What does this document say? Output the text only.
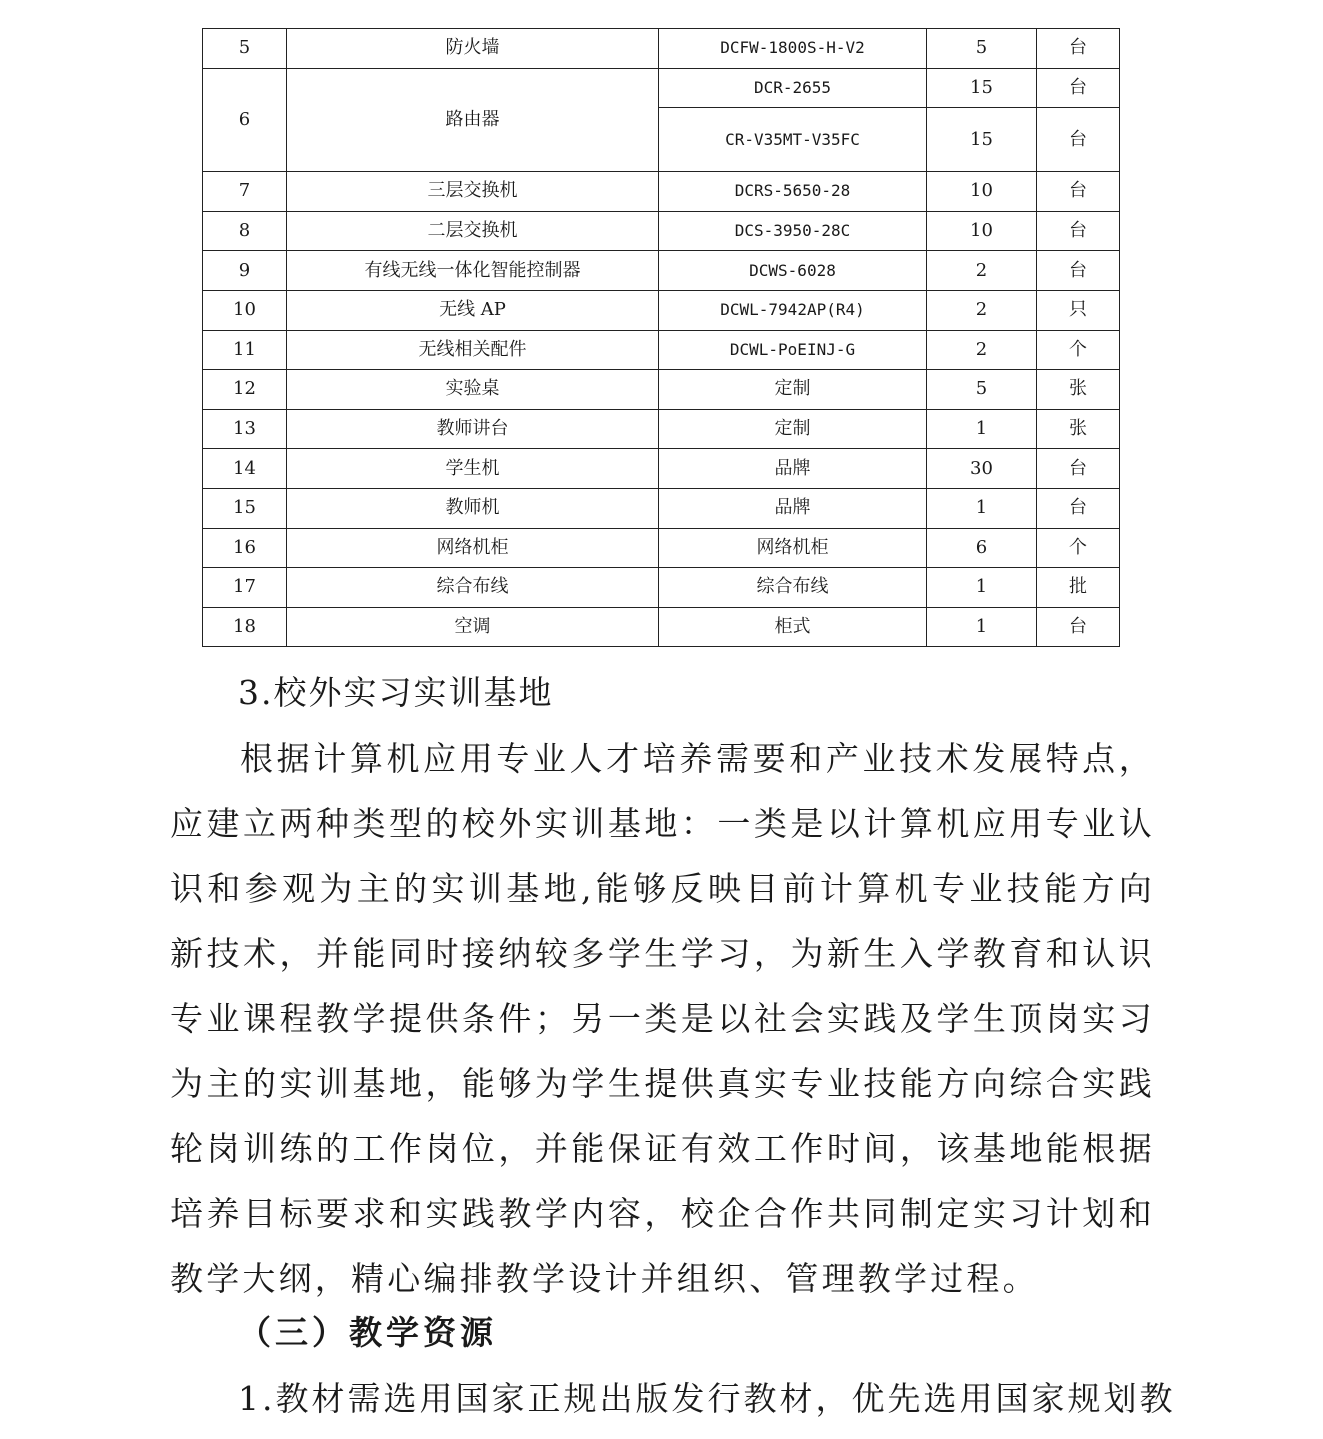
5	防火墙	DCFW-1800S-H-V2	5	台
6	路由器	DCR-2655	15	台
		CR-V35MT-V35FC	15	台
7	三层交换机	DCRS-5650-28	10	台
8	二层交换机	DCS-3950-28C	10	台
9	有线无线一体化智能控制器	DCWS-6028	2	台
10	无线 AP	DCWL-7942AP(R4)	2	只
11	无线相关配件	DCWL-PoEINJ-G	2	个
12	实验桌	定制	5	张
13	教师讲台	定制	1	张
14	学生机	品牌	30	台
15	教师机	品牌	1	台
16	网络机柜	网络机柜	6	个
17	综合布线	综合布线	1	批
18	空调	柜式	1	台
3.校外实习实训基地
根据计算机应用专业人才培养需要和产业技术发展特点，应建立两种类型的校外实训基地：一类是以计算机应用专业认识和参观为主的实训基地,能够反映目前计算机专业技能方向新技术，并能同时接纳较多学生学习，为新生入学教育和认识专业课程教学提供条件；另一类是以社会实践及学生顶岗实习为主的实训基地，能够为学生提供真实专业技能方向综合实践轮岗训练的工作岗位，并能保证有效工作时间，该基地能根据培养目标要求和实践教学内容，校企合作共同制定实习计划和教学大纲，精心编排教学设计并组织、管理教学过程。
（三）教学资源
1.教材需选用国家正规出版发行教材，优先选用国家规划教
